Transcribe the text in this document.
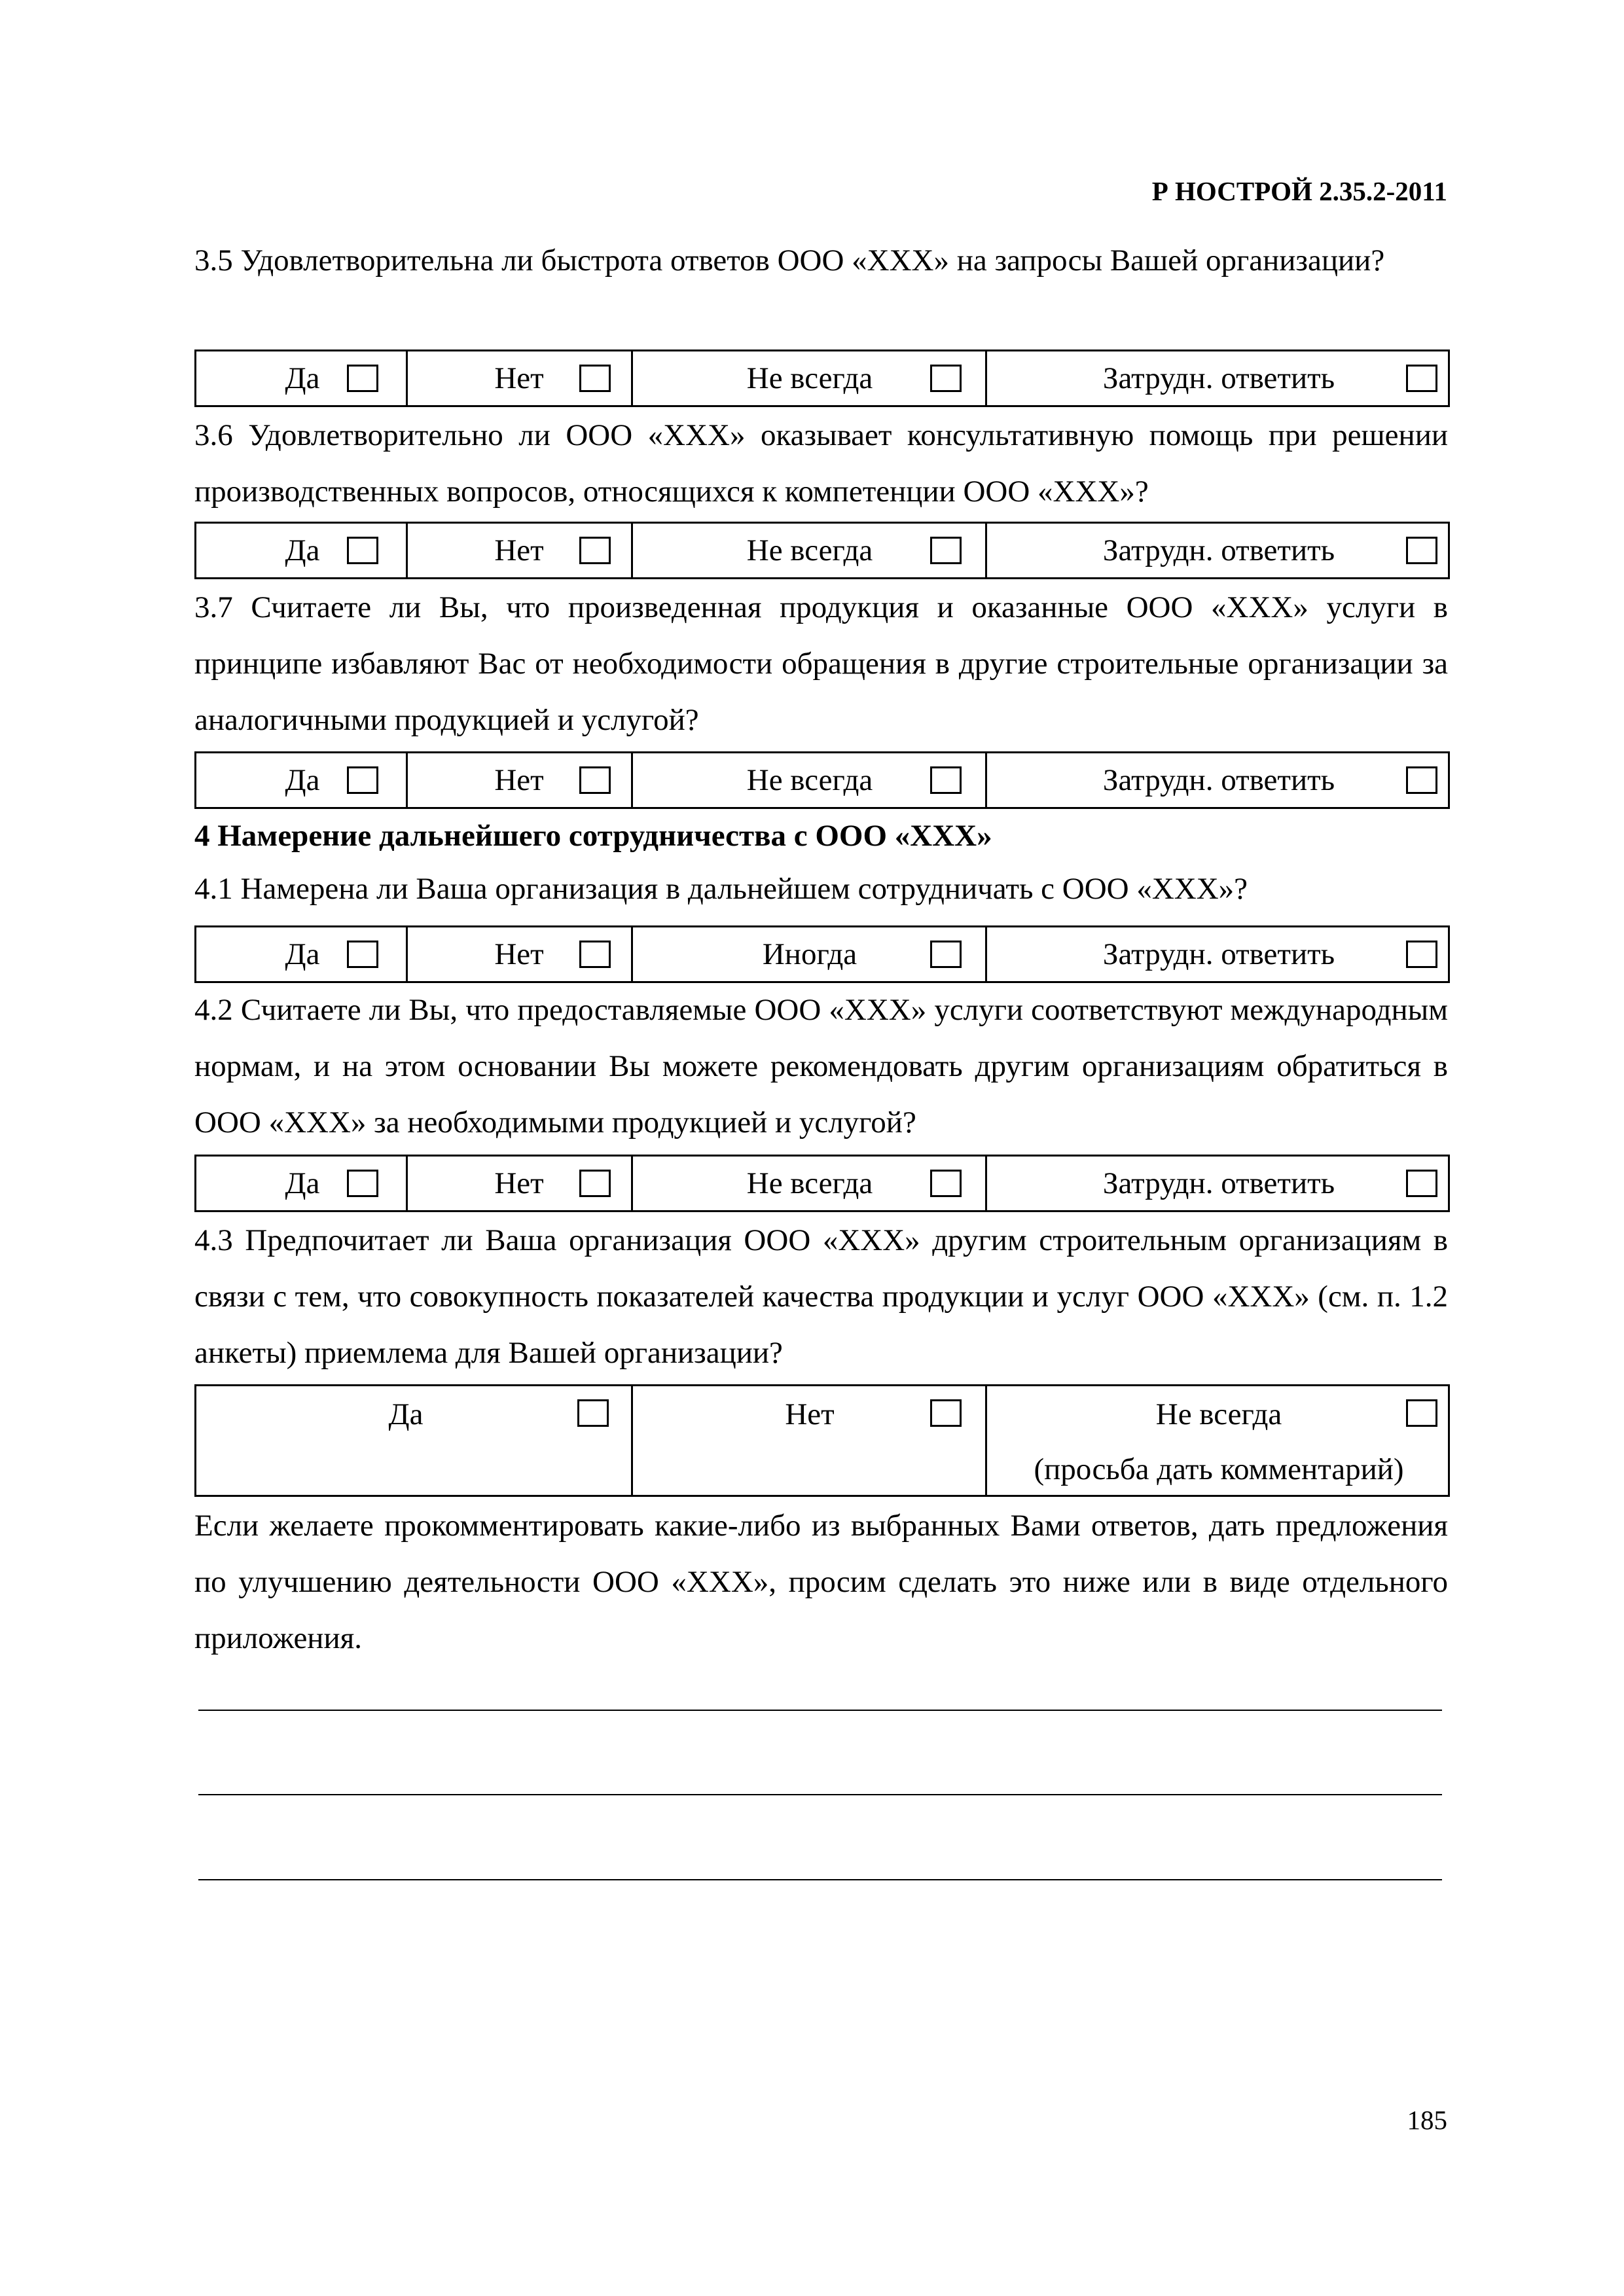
Р НОСТРОЙ 2.35.2-2011
3.5 Удовлетворительна ли быстрота ответов ООО «ХХХ» на запросы Вашей организации?
Да	Нет	Не всегда	Затрудн. ответить
3.6 Удовлетворительно ли ООО «ХХХ» оказывает консультативную помощь при решении производственных вопросов, относящихся к компетенции ООО «ХХХ»?
Да	Нет	Не всегда	Затрудн. ответить
3.7 Считаете ли Вы, что произведенная продукция и оказанные ООО «ХХХ» услуги в принципе избавляют Вас от необходимости обращения в другие строительные организации за аналогичными продукцией и услугой?
Да	Нет	Не всегда	Затрудн. ответить
4 Намерение дальнейшего сотрудничества с ООО «ХХХ»
4.1 Намерена ли Ваша организация в дальнейшем сотрудничать с ООО «ХХХ»?
Да	Нет	Иногда	Затрудн. ответить
4.2 Считаете ли Вы, что предоставляемые ООО «ХХХ» услуги соответствуют международным нормам, и на этом основании Вы можете рекомендовать другим организациям обратиться в ООО «ХХХ» за необходимыми продукцией и услугой?
Да	Нет	Не всегда	Затрудн. ответить
4.3 Предпочитает ли Ваша организация ООО «ХХХ» другим строительным организациям в связи с тем, что совокупность показателей качества продукции и услуг ООО «ХХХ» (см. п. 1.2 анкеты) приемлема для Вашей организации?
Да	Нет	Не всегда
(просьба дать комментарий)
Если желаете прокомментировать какие-либо из выбранных Вами ответов, дать предложения по улучшению деятельности ООО «ХХХ», просим сделать это ниже или в виде отдельного приложения.
185
